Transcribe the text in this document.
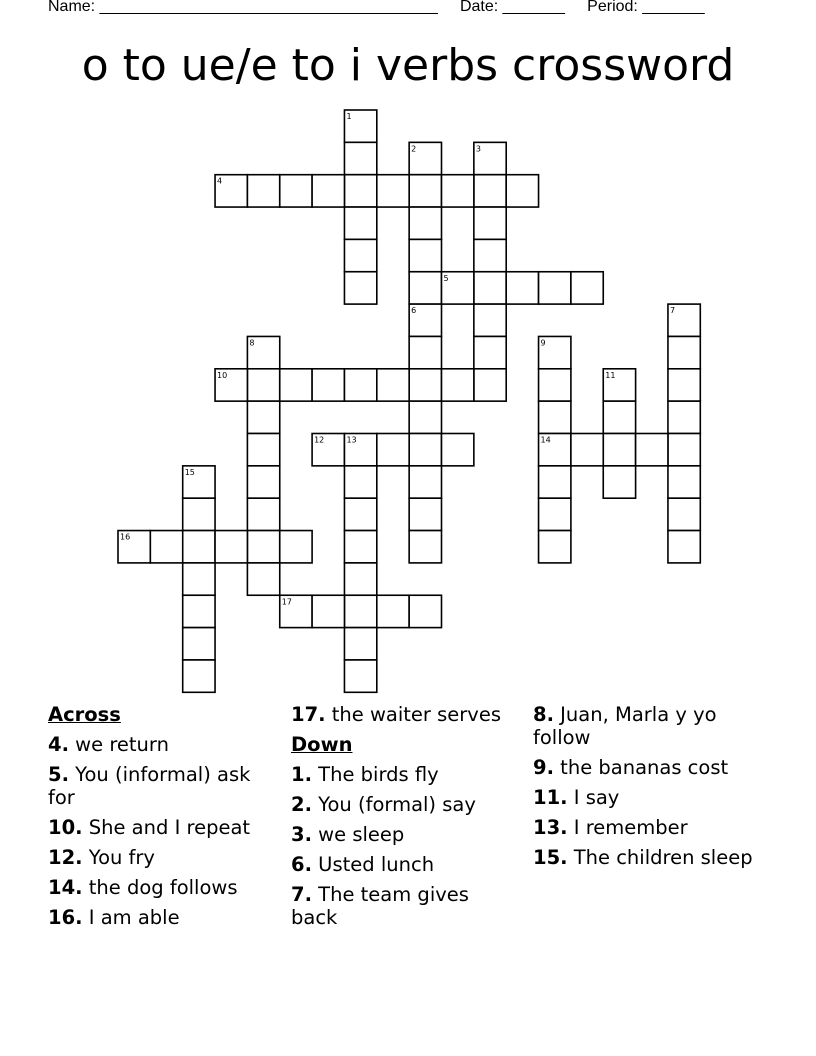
Name: ______________________________________ Date: _______ Period: _______
o to ue/e to i verbs crossword
1
2	3
4
5
6	7
8	9
10	11
12	13	14
15
16
17
Across
4. we return
5. You (informal) ask for
10. She and I repeat
12. You fry
14. the dog follows
16. I am able
17. the waiter serves
Down
1. The birds fly
2. You (formal) say
3. we sleep
6. Usted lunch
7. The team gives back
8. Juan, Marla y yo follow
9. the bananas cost
11. I say
13. I remember
15. The children sleep
